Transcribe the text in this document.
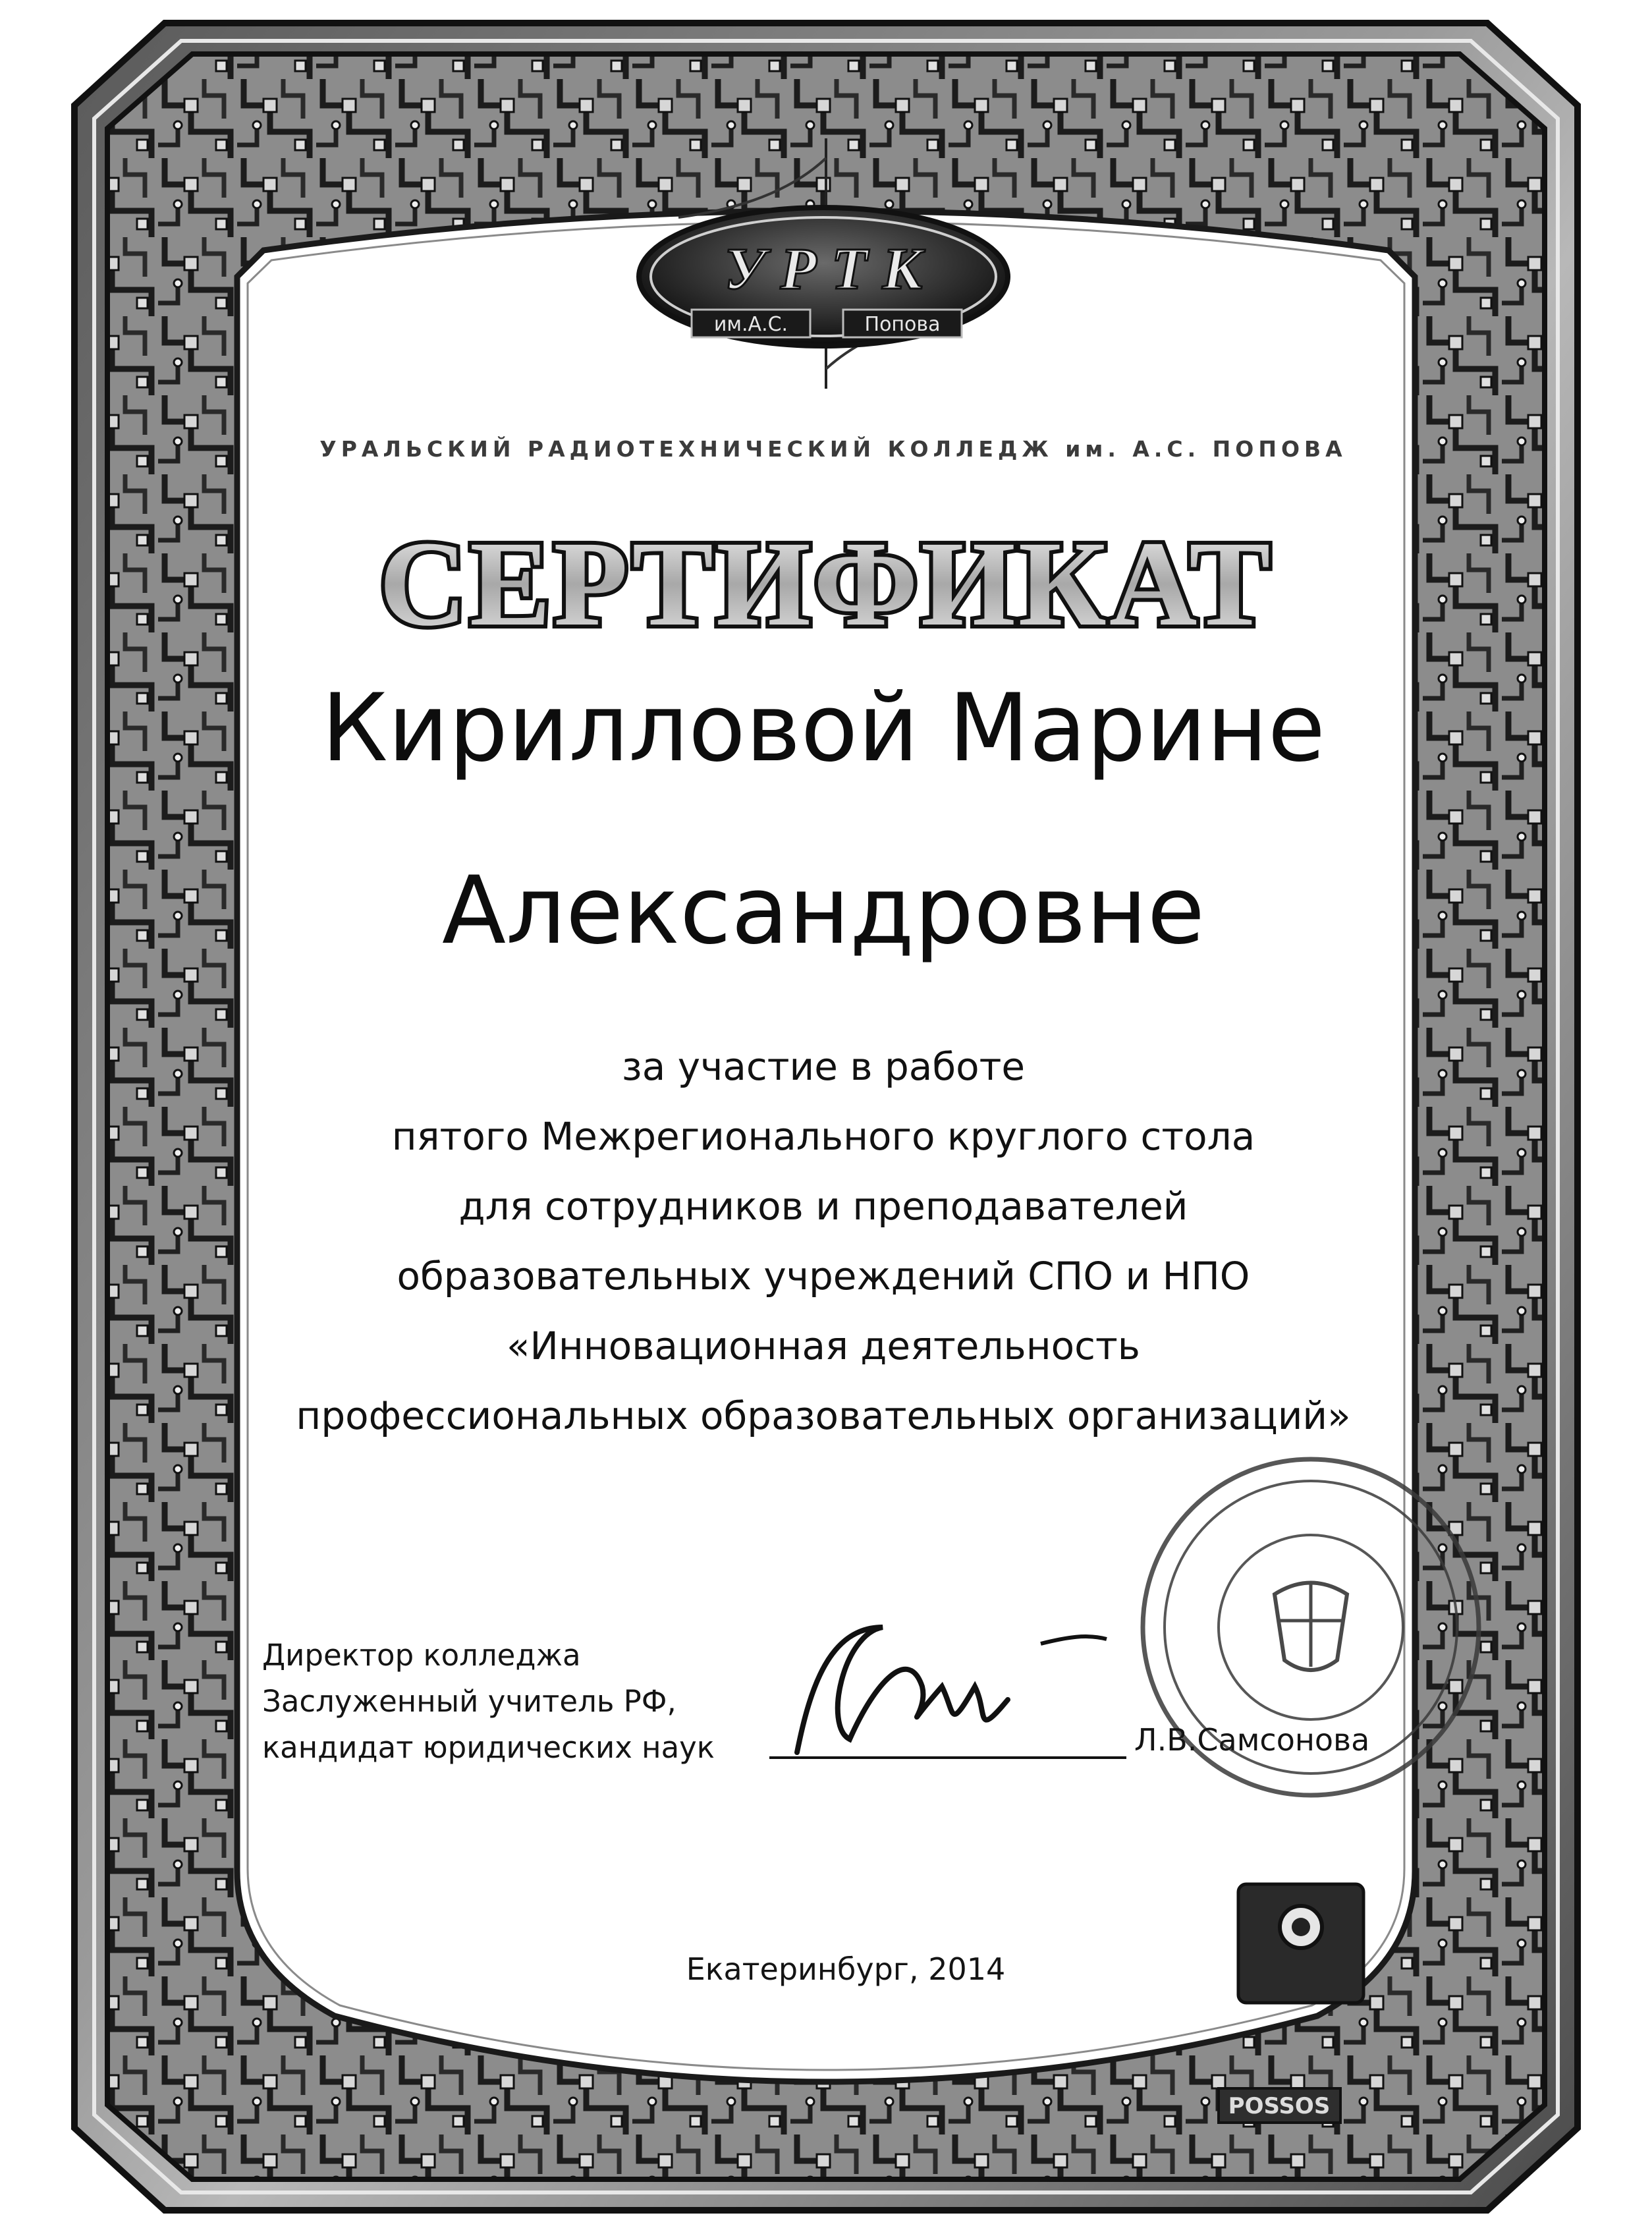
СЕРТИФИКАТ
У Р Т К
им.А.С.	Попова
РОSSOS
УРАЛЬСКИЙ РАДИОТЕХНИЧЕСКИЙ КОЛЛЕДЖ им. А.С. ПОПОВА
Кирилловой Марине
Александровне
за участие в работе
пятого Межрегионального круглого стола
для сотрудников и преподавателей
образовательных учреждений СПО и НПО
«Инновационная деятельность
профессиональных образовательных организаций»
Директор колледжа
Заслуженный учитель РФ,
кандидат юридических наук	Л.В.Самсонова
Екатеринбург, 2014
